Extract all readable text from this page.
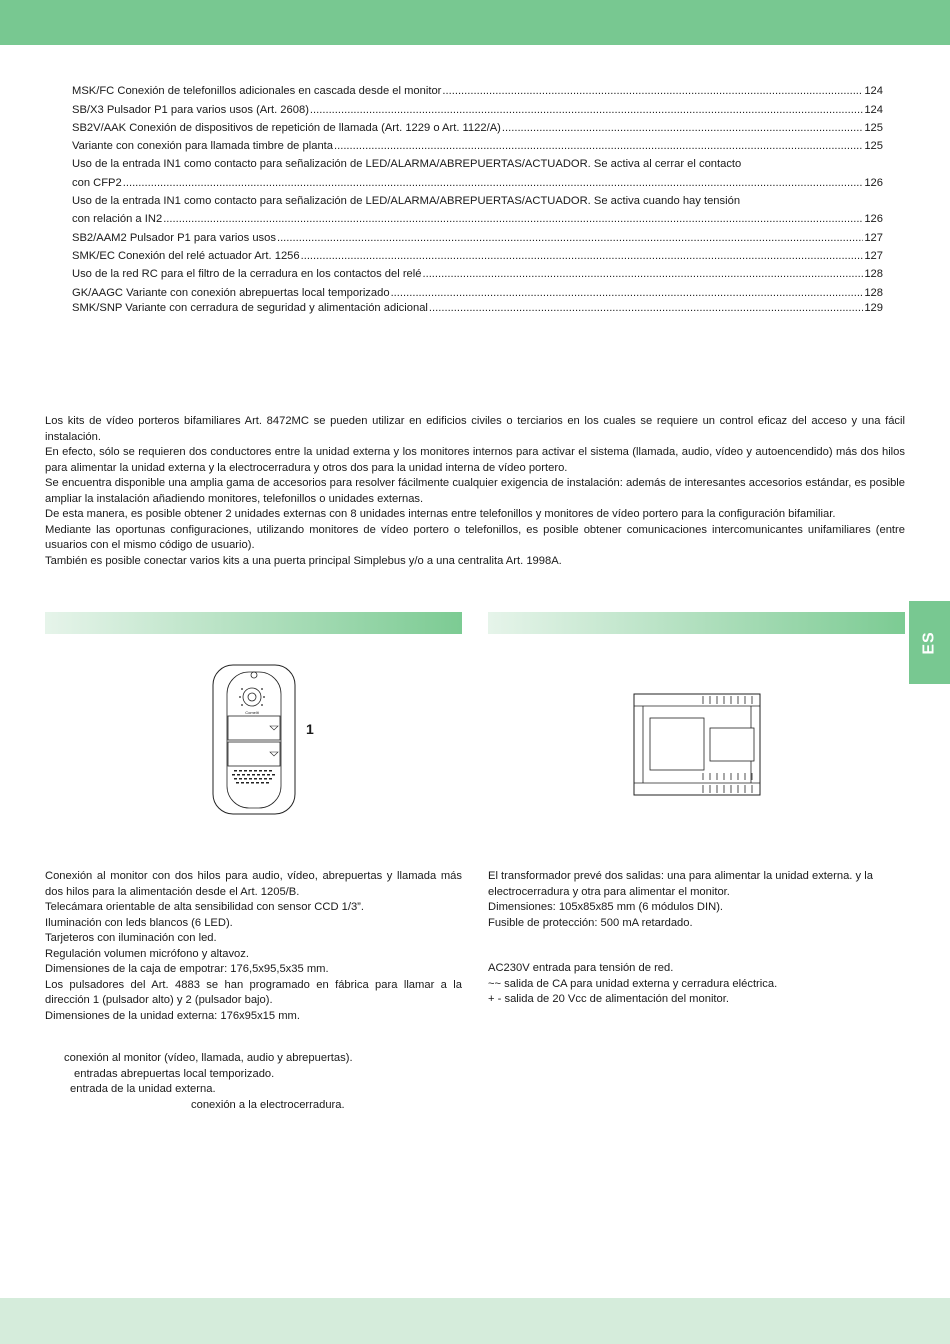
ES
MSK/FC Conexión de telefonillos adicionales en cascada desde el monitor .....	124
SB/X3 Pulsador P1 para varios usos (Art. 2608) .....	124
SB2V/AAK Conexión de dispositivos de repetición de llamada (Art. 1229 o Art. 1122/A) .....	125
Variante con conexión para llamada timbre de planta .....	125
Uso de la entrada IN1 como contacto para señalización de LED/ALARMA/ABREPUERTAS/ACTUADOR. Se activa al cerrar el contacto
con CFP2 .....	126
Uso de la entrada IN1 como contacto para señalización de LED/ALARMA/ABREPUERTAS/ACTUADOR. Se activa cuando hay tensión
con relación a IN2 .....	126
SB2/AAM2 Pulsador P1 para varios usos .....	127
SMK/EC Conexión del relé actuador Art. 1256 .....	127
Uso de la red RC para el filtro de la cerradura en los contactos del relé .....	128
GK/AAGC Variante con conexión abrepuertas local temporizado .....	128
SMK/SNP Variante con cerradura de seguridad y alimentación adicional .....	129

Los kits de vídeo porteros bifamiliares Art. 8472MC se pueden utilizar en edificios civiles o terciarios en los cuales se requiere un control eficaz del acceso y una fácil instalación.

En efecto, sólo se requieren dos conductores entre la unidad externa y los monitores internos para activar el sistema (llamada, audio, vídeo y autoencendido) más dos hilos para alimentar la unidad externa y la electrocerradura y otros dos para la unidad interna de vídeo portero.

Se encuentra disponible una amplia gama de accesorios para resolver fácilmente cualquier exigencia de instalación: además de interesantes accesorios estándar, es posible ampliar la instalación añadiendo monitores, telefonillos o unidades externas.

De esta manera, es posible obtener 2 unidades externas con 8 unidades internas entre telefonillos y monitores de vídeo portero para la configuración bifamiliar.

Mediante las oportunas configuraciones, utilizando monitores de vídeo portero o telefonillos, es posible obtener comunicaciones intercomunicantes unifamiliares (entre usuarios con el mismo código de usuario).

También es posible conectar varios kits a una puerta principal Simplebus y/o a una centralita Art. 1998A.

Comelit
1

Conexión al monitor con dos hilos para audio, vídeo, abrepuertas y llamada más dos hilos para la alimentación desde el Art. 1205/B.

Telecámara orientable de alta sensibilidad con sensor CCD 1/3”.

Iluminación con leds blancos (6 LED).

Tarjeteros con iluminación con led.

Regulación volumen micrófono y altavoz.

Dimensiones de la caja de empotrar: 176,5x95,5x35 mm.

Los pulsadores del Art. 4883 se han programado en fábrica para llamar a la dirección 1 (pulsador alto) y 2 (pulsador bajo).

Dimensiones de la unidad externa: 176x95x15 mm.

conexión al monitor (vídeo, llamada, audio y abrepuertas).

entradas abrepuertas local temporizado.

entrada de la unidad externa.

conexión a la electrocerradura.

El transformador prevé dos salidas: una para alimentar la unidad externa. y la electrocerradura y otra para alimentar el monitor.

Dimensiones: 105x85x85 mm (6 módulos DIN).

Fusible de protección: 500 mA retardado.

AC230V entrada para tensión de red.

~~ salida de CA para unidad externa y cerradura eléctrica.

+ - salida de 20 Vcc de alimentación del monitor.
